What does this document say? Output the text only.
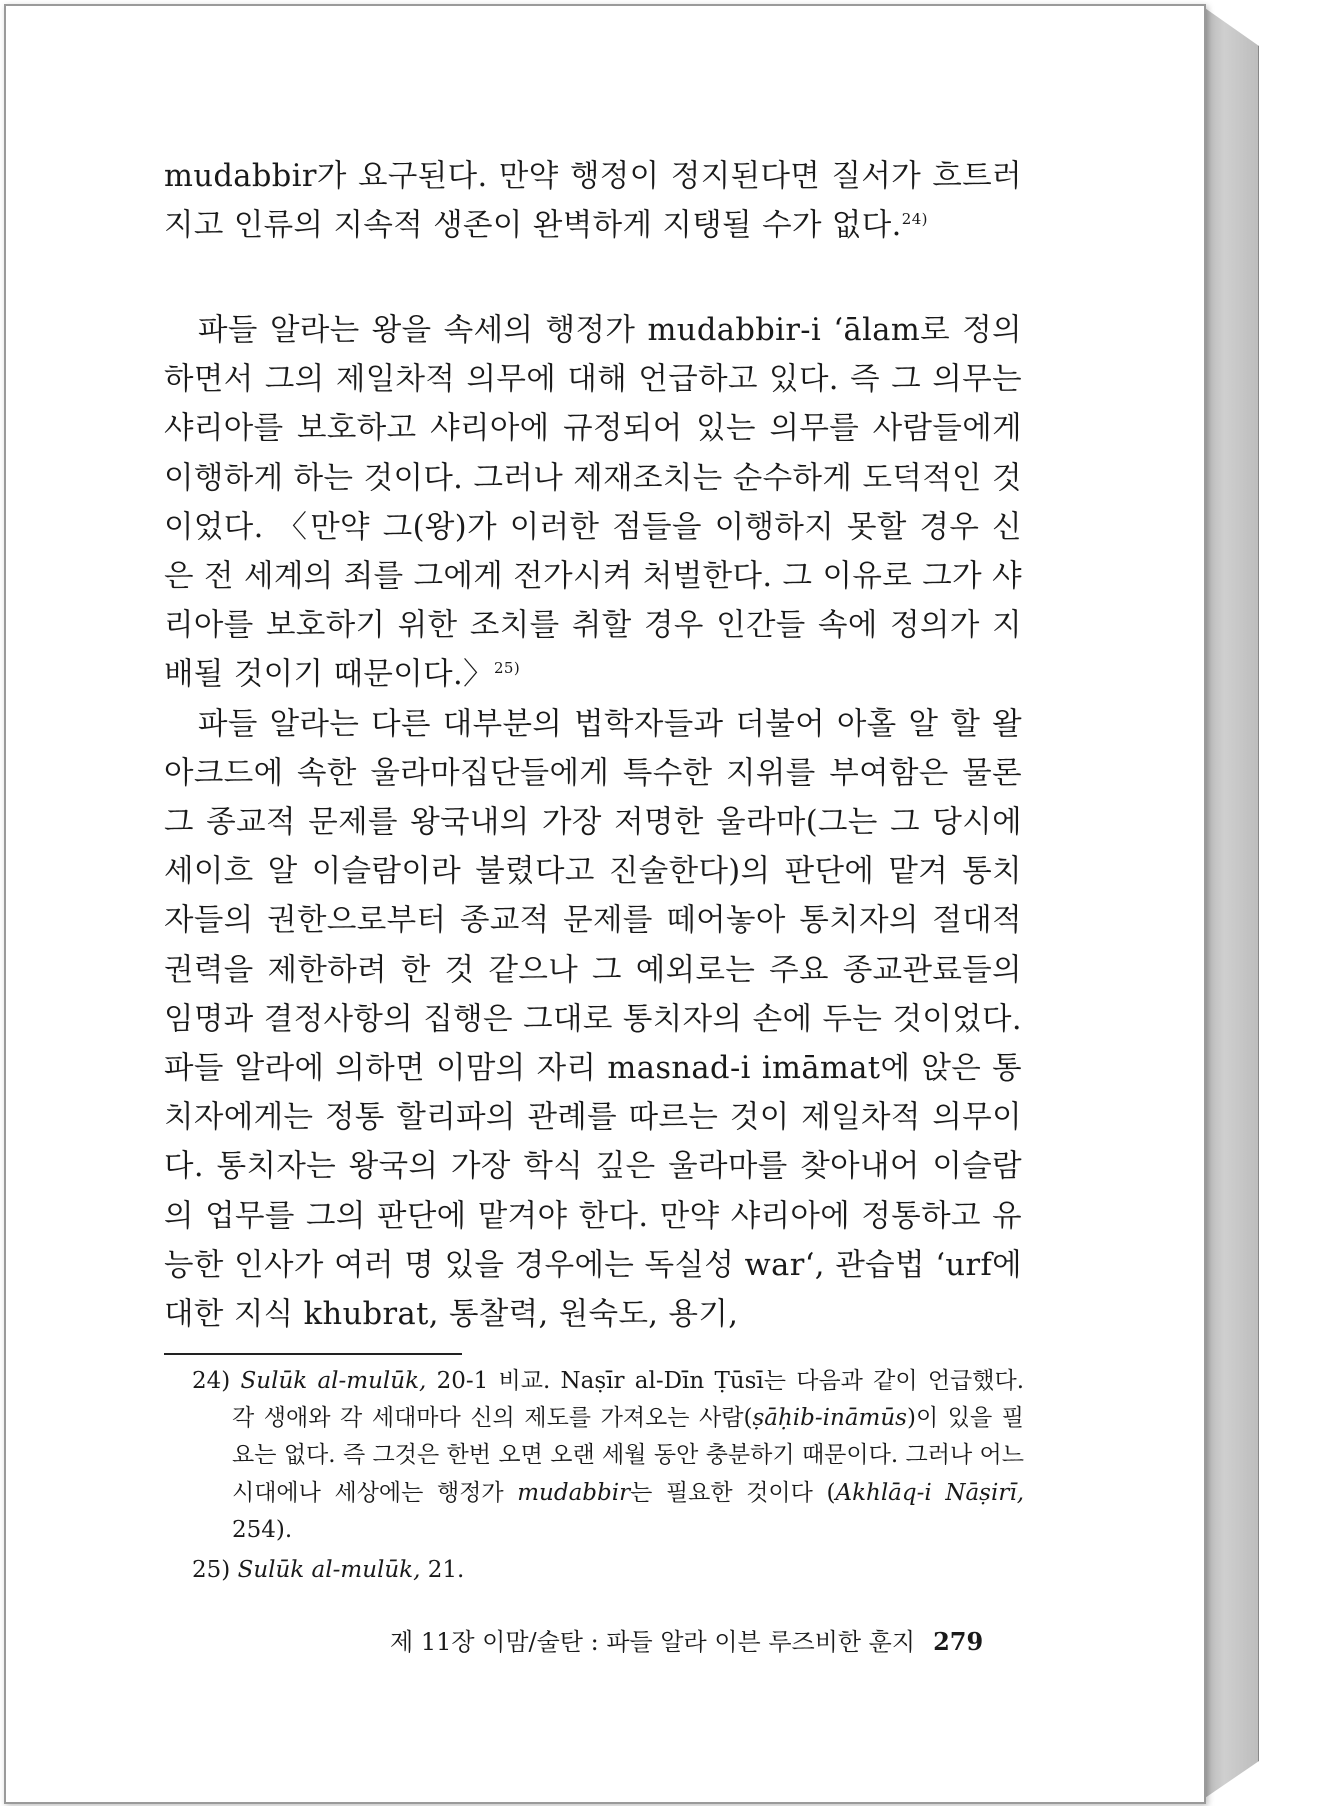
mudabbir가 요구된다. 만약 행정이 정지된다면 질서가 흐트러지고 인류의 지속적 생존이 완벽하게 지탱될 수가 없다.$^{24)}$

파들 알라는 왕을 속세의 행정가 mudabbir-i ‘ālam로 정의하면서 그의 제일차적 의무에 대해 언급하고 있다. 즉 그 의무는 샤리아를 보호하고 샤리아에 규정되어 있는 의무를 사람들에게 이행하게 하는 것이다. 그러나 제재조치는 순수하게 도덕적인 것이었다. 〈만약 그(왕)가 이러한 점들을 이행하지 못할 경우 신은 전 세계의 죄를 그에게 전가시켜 처벌한다. 그 이유로 그가 샤리아를 보호하기 위한 조치를 취할 경우 인간들 속에 정의가 지배될 것이기 때문이다.〉$^{25)}$

파들 알라는 다른 대부분의 법학자들과 더불어 아홀 알 할 왈 아크드에 속한 울라마집단들에게 특수한 지위를 부여함은 물론 그 종교적 문제를 왕국내의 가장 저명한 울라마(그는 그 당시에 세이흐 알 이슬람이라 불렸다고 진술한다)의 판단에 맡겨 통치자들의 권한으로부터 종교적 문제를 떼어놓아 통치자의 절대적 권력을 제한하려 한 것 같으나 그 예외로는 주요 종교관료들의 임명과 결정사항의 집행은 그대로 통치자의 손에 두는 것이었다. 파들 알라에 의하면 이맘의 자리 masnad-i imāmat에 앉은 통치자에게는 정통 할리파의 관례를 따르는 것이 제일차적 의무이다. 통치자는 왕국의 가장 학식 깊은 울라마를 찾아내어 이슬람의 업무를 그의 판단에 맡겨야 한다. 만약 샤리아에 정통하고 유능한 인사가 여러 명 있을 경우에는 독실성 war‘, 관습법 ‘urf에 대한 지식 khubrat, 통찰력, 원숙도, 용기,

24) Sulūk al-mulūk, 20-1 비교. Naṣīr al-Dīn Ṭūsī는 다음과 같이 언급했다. 각 생애와 각 세대마다 신의 제도를 가져오는 사람(ṣāḥib-ināmūs)이 있을 필요는 없다. 즉 그것은 한번 오면 오랜 세월 동안 충분하기 때문이다. 그러나 어느 시대에나 세상에는 행정가 mudabbir는 필요한 것이다 (Akhlāq-i Nāṣirī, 254).

25) Sulūk al-mulūk, 21.

제 11장 이맘/술탄 : 파들 알라 이븐 루즈비한 훈지 279
